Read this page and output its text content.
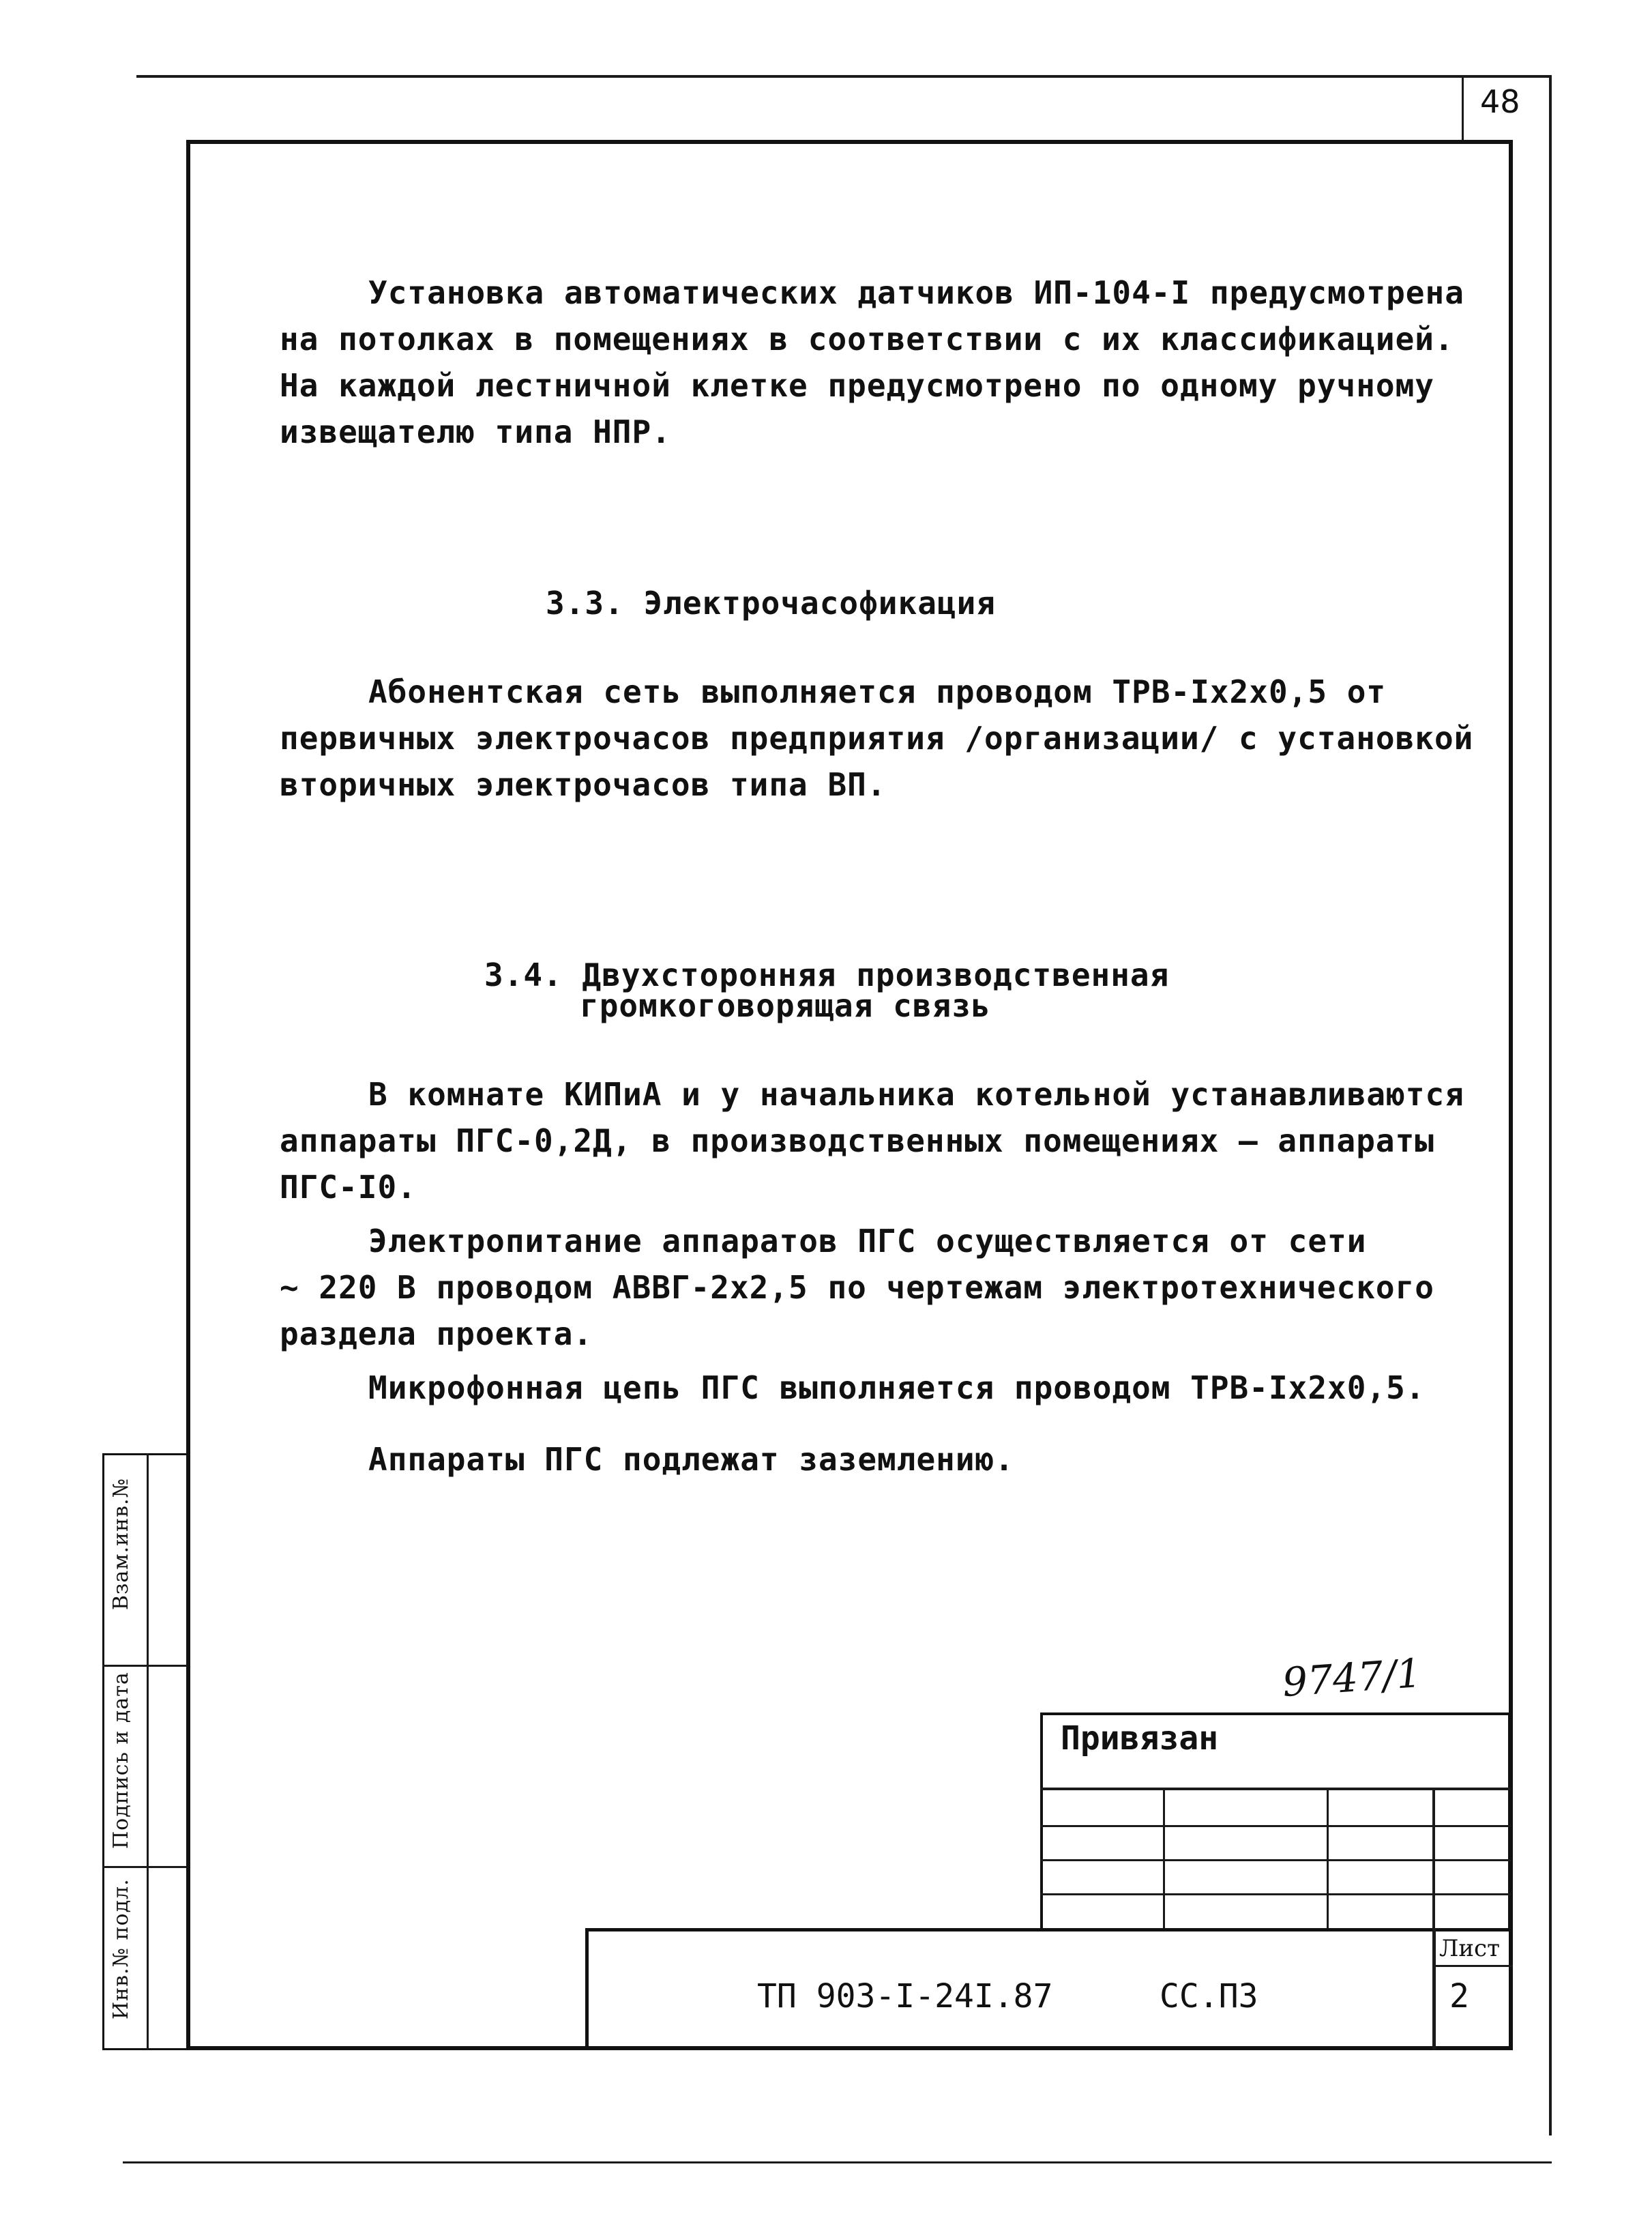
48
Установка автоматических датчиков ИП-104-I предусмотрена
на потолках в помещениях в соответствии с их классификацией.
На каждой лестничной клетке предусмотрено по одному ручному
извещателю типа НПР.
3.3. Электрочасофикация
Абонентская сеть выполняется проводом ТРВ-Iх2х0,5 от
первичных электрочасов предприятия /организации/ с установкой
вторичных электрочасов типа ВП.
3.4. Двухсторонняя производственная
громкоговорящая связь
В комнате КИПиА и у начальника котельной устанавливаются
аппараты ПГС-0,2Д, в производственных помещениях – аппараты
ПГС-I0.
Электропитание аппаратов ПГС осуществляется от сети
~ 220 В проводом АВВГ-2х2,5 по чертежам электротехнического
раздела проекта.
Микрофонная цепь ПГС выполняется проводом ТРВ-Iх2х0,5.
Аппараты ПГС подлежат заземлению.
9747/1
Взам.инв.№
Подпись и дата
Инв.№ подл.
Привязан
Лист
2
ТП 903-I-24I.87	СС.ПЗ
